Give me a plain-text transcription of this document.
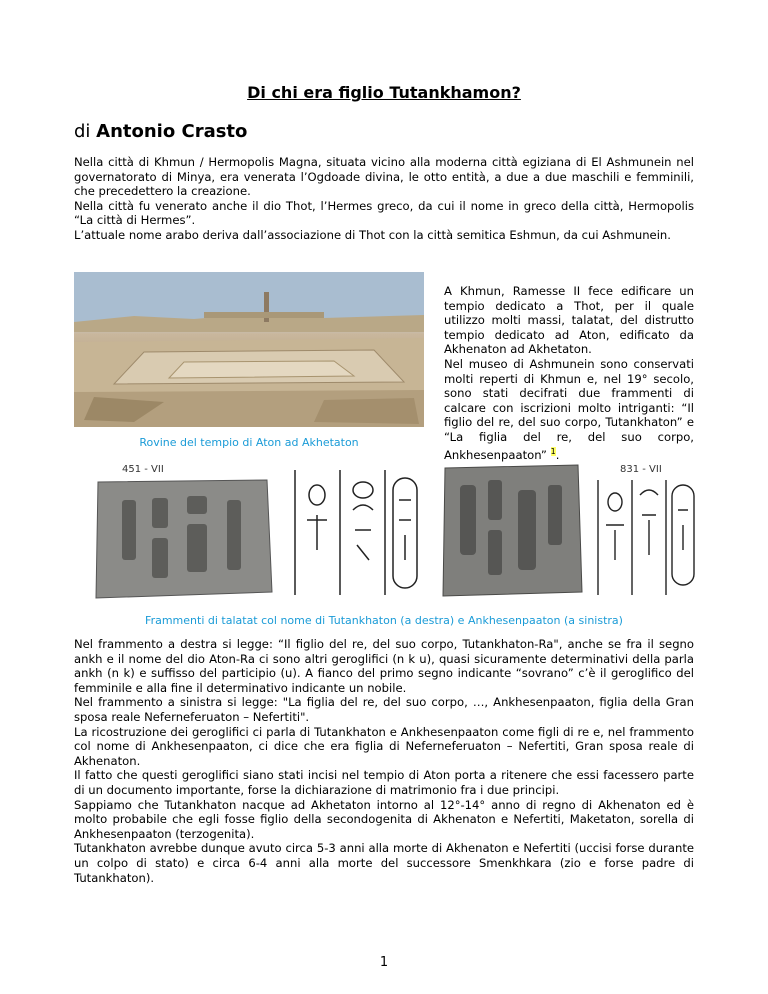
Di chi era figlio Tutankhamon?
di Antonio Crasto

Nella città di Khmun / Hermopolis Magna, situata vicino alla moderna città egiziana di El Ashmunein nel governatorato di Minya, era venerata l’Ogdoade divina, le otto entità, a due a due maschili e femminili, che precedettero la creazione.

Nella città fu venerato anche il dio Thot, l’Hermes greco, da cui il nome in greco della città, Hermopolis “La città di Hermes”.

L’attuale nome arabo deriva dall’associazione di Thot con la città semitica Eshmun, da cui Ashmunein.

Rovine del tempio di Aton ad Akhetaton

A Khmun, Ramesse II fece edificare un tempio dedicato a Thot, per il quale utilizzo molti massi, talatat, del distrutto tempio dedicato ad Aton, edificato da Akhenaton ad Akhetaton.

Nel museo di Ashmunein sono conservati molti reperti di Khmun e, nel 19° secolo, sono stati decifrati due frammenti di calcare con iscrizioni molto intriganti: “Il figlio del re, del suo corpo, Tutankhaton” e “La figlia del re, del suo corpo, Ankhesenpaaton” $^1$.

451 - VII	831 - VII
Frammenti di talatat col nome di Tutankhaton (a destra) e Ankhesenpaaton (a sinistra)

Nel frammento a destra si legge: “Il figlio del re, del suo corpo, Tutankhaton-Ra", anche se fra il segno ankh e il nome del dio Aton-Ra ci sono altri geroglifici (n k u), quasi sicuramente determinativi della parla ankh (n k) e suffisso del participio (u). A fianco del primo segno indicante “sovrano” c’è il geroglifico del femminile e alla fine il determinativo indicante un nobile.

Nel frammento a sinistra si legge: "La figlia del re, del suo corpo, …, Ankhesenpaaton, figlia della Gran sposa reale Neferneferuaton – Nefertiti".

La ricostruzione dei geroglifici ci parla di Tutankhaton e Ankhesenpaaton come figli di re e, nel frammento col nome di Ankhesenpaaton, ci dice che era figlia di Neferneferuaton – Nefertiti, Gran sposa reale di Akhenaton.

Il fatto che questi geroglifici siano stati incisi nel tempio di Aton porta a ritenere che essi facessero parte di un documento importante, forse la dichiarazione di matrimonio fra i due principi.

Sappiamo che Tutankhaton nacque ad Akhetaton intorno al 12°-14° anno di regno di Akhenaton ed è molto probabile che egli fosse figlio della secondogenita di Akhenaton e Nefertiti, Maketaton, sorella di Ankhesenpaaton (terzogenita).

Tutankhaton avrebbe dunque avuto circa 5-3 anni alla morte di Akhenaton e Nefertiti (uccisi forse durante un colpo di stato) e circa 6-4 anni alla morte del successore Smenkhkara (zio e forse padre di Tutankhaton).

1
